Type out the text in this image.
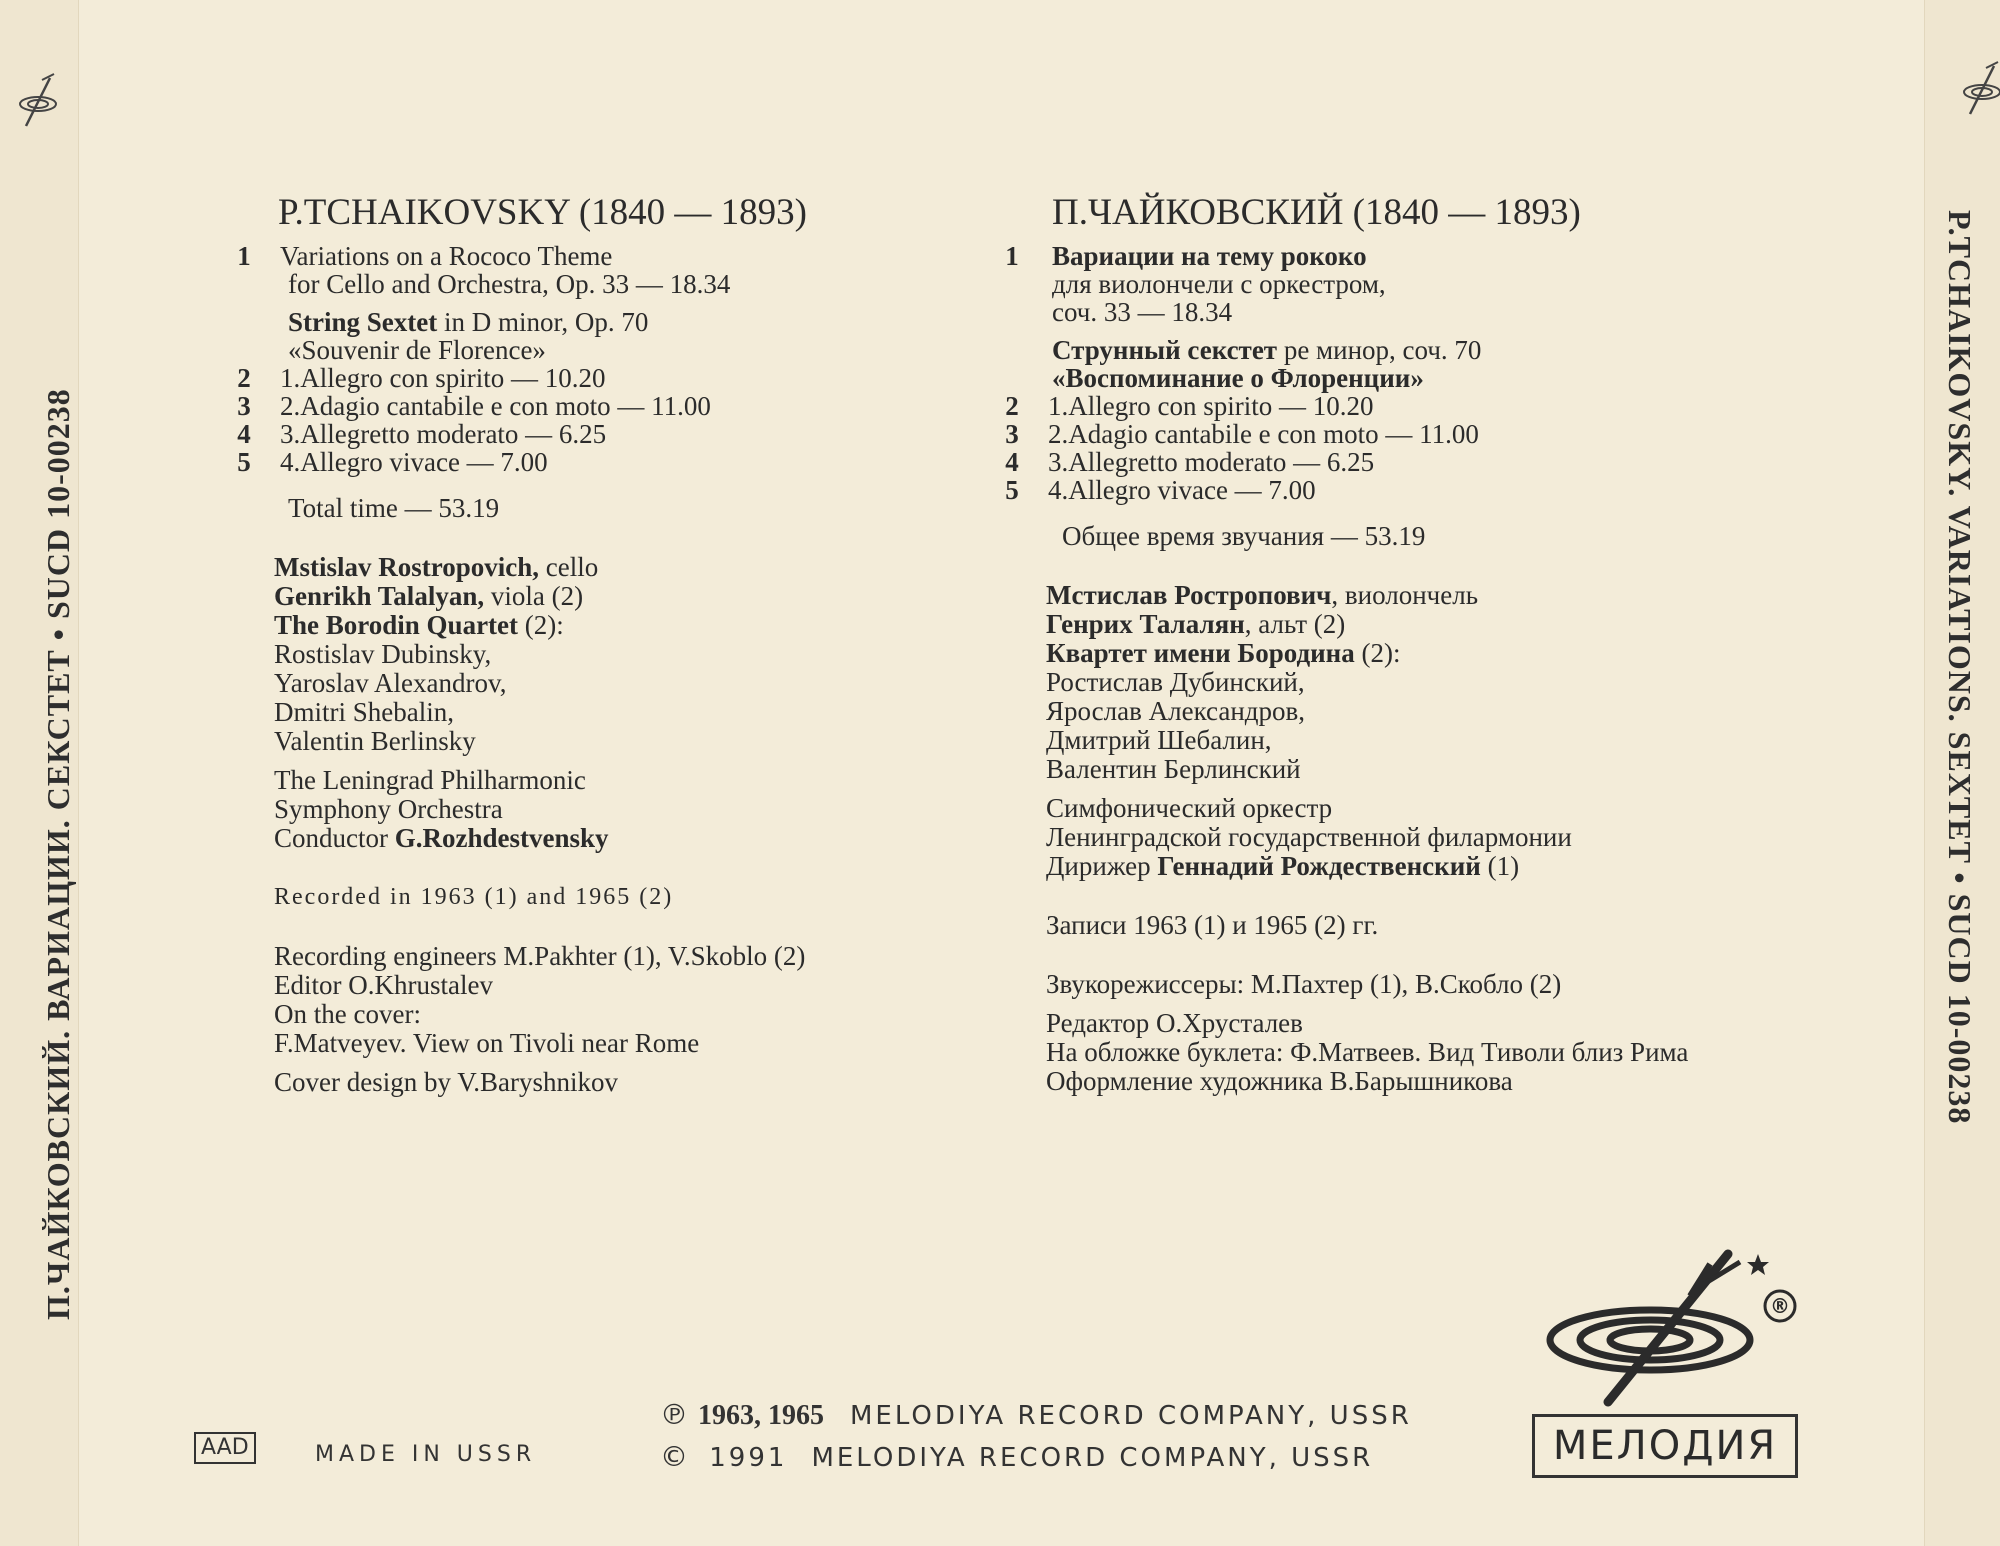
П.ЧАЙКОВСКИЙ. ВАРИАЦИИ. СЕКСТЕТ • SUCD 10-00238	P.TCHAIKOVSKY. VARIATIONS. SEXTET • SUCD 10-00238
P.TCHAIKOVSKY (1840 — 1893)
1 Variations on a Rococo Theme
for Cello and Orchestra, Op. 33 — 18.34
String Sextet in D minor, Op. 70
«Souvenir de Florence»
2 1.Allegro con spirito — 10.20
3 2.Adagio cantabile e con moto — 11.00
4 3.Allegretto moderato — 6.25
5 4.Allegro vivace — 7.00
Total time — 53.19
Mstislav Rostropovich, cello
Genrikh Talalyan, viola (2)
The Borodin Quartet (2):
Rostislav Dubinsky,
Yaroslav Alexandrov,
Dmitri Shebalin,
Valentin Berlinsky
The Leningrad Philharmonic
Symphony Orchestra
Conductor G.Rozhdestvensky
Recorded in 1963 (1) and 1965 (2)
Recording engineers M.Pakhter (1), V.Skoblo (2)
Editor O.Khrustalev
On the cover:
F.Matveyev. View on Tivoli near Rome
Cover design by V.Baryshnikov
П.ЧАЙКОВСКИЙ (1840 — 1893)
1 Вариации на тему рококо
для виолончели с оркестром,
соч. 33 — 18.34
Струнный секстет ре минор, соч. 70
«Воспоминание о Флоренции»
2 1.Allegro con spirito — 10.20
3 2.Adagio cantabile e con moto — 11.00
4 3.Allegretto moderato — 6.25
5 4.Allegro vivace — 7.00
Общее время звучания — 53.19
Мстислав Ростропович, виолончель
Генрих Талалян, альт (2)
Квартет имени Бородина (2):
Ростислав Дубинский,
Ярослав Александров,
Дмитрий Шебалин,
Валентин Берлинский
Симфонический оркестр
Ленинградской государственной филармонии
Дирижер Геннадий Рождественский (1)
Записи 1963 (1) и 1965 (2) гг.
Звукорежиссеры: М.Пахтер (1), В.Скобло (2)
Редактор О.Хрусталев
На обложке буклета: Ф.Матвеев. Вид Тиволи близ Рима
Оформление художника В.Барышникова
AAD	MADE IN USSR
℗ 1963, 1965 MELODIYA RECORD COMPANY, USSR
© 1991 MELODIYA RECORD COMPANY, USSR
®
МЕЛОДИЯ
